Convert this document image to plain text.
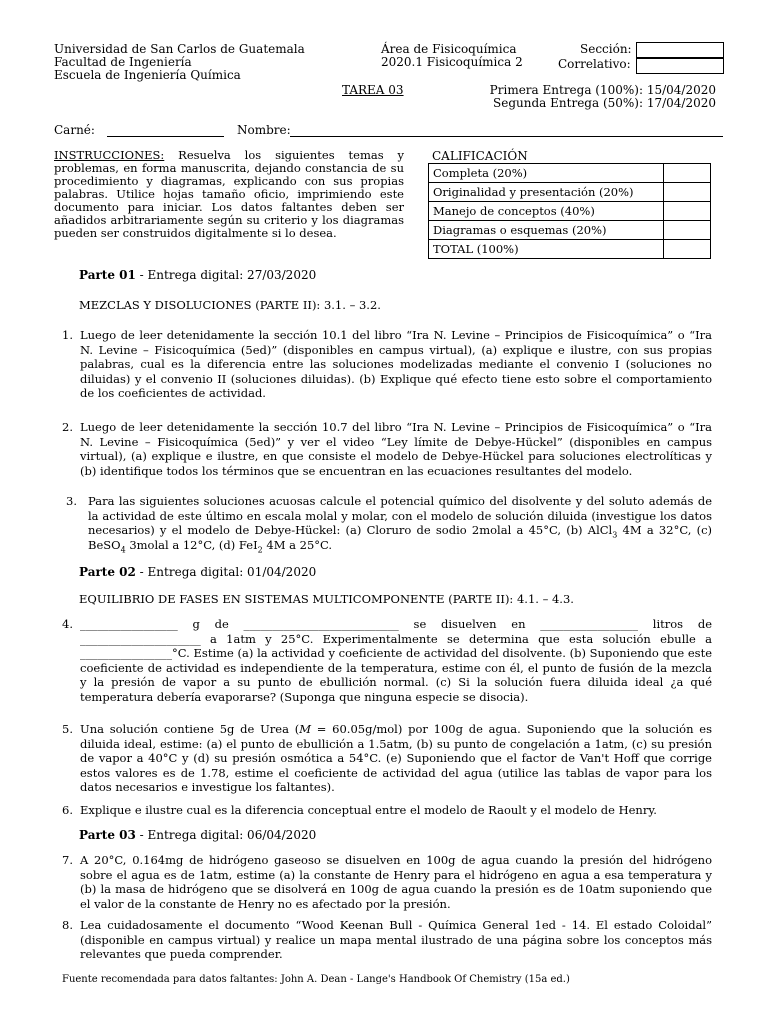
Universidad de San Carlos de Guatemala
Facultad de Ingeniería
Escuela de Ingeniería Química
Área de Fisicoquímica
2020.1 Fisicoquímica 2
Sección:
Correlativo:
TAREA 03	Primera Entrega (100%): 15/04/2020
Segunda Entrega (50%): 17/04/2020
Carné:	Nombre:
INSTRUCCIONES: Resuelva los siguientes temas y problemas, en forma manuscrita, dejando constancia de su procedimiento y diagramas, explicando con sus propias palabras. Utilice hojas tamaño oficio, imprimiendo este documento para iniciar. Los datos faltantes deben ser añadidos arbitrariamente según su criterio y los diagramas pueden ser construidos digitalmente si lo desea.
CALIFICACIÓN
Completa (20%)	
Originalidad y presentación (20%)	
Manejo de conceptos (40%)	
Diagramas o esquemas (20%)	
TOTAL (100%)	
Parte 01 - Entrega digital: 27/03/2020
MEZCLAS Y DISOLUCIONES (PARTE II): 3.1. – 3.2.
1. Luego de leer detenidamente la sección 10.1 del libro “Ira N. Levine – Principios de Fisicoquímica” o “Ira N. Levine – Fisicoquímica (5ed)” (disponibles en campus virtual), (a) explique e ilustre, con sus propias palabras, cual es la diferencia entre las soluciones modelizadas mediante el convenio I (soluciones no diluidas) y el convenio II (soluciones diluidas). (b) Explique qué efecto tiene esto sobre el comportamiento de los coeficientes de actividad.
2. Luego de leer detenidamente la sección 10.7 del libro “Ira N. Levine – Principios de Fisicoquímica” o “Ira N. Levine – Fisicoquímica (5ed)” y ver el video “Ley límite de Debye-Hückel” (disponibles en campus virtual), (a) explique e ilustre, en que consiste el modelo de Debye-Hückel para soluciones electrolíticas y (b) identifique todos los términos que se encuentran en las ecuaciones resultantes del modelo.
3. Para las siguientes soluciones acuosas calcule el potencial químico del disolvente y del soluto además de la actividad de este último en escala molal y molar, con el modelo de solución diluida (investigue los datos necesarios) y el modelo de Debye-Hückel: (a) Cloruro de sodio 2molal a 45°C, (b) AlCl$_3$ 4M a 32°C, (c) BeSO$_4$ 3molal a 12°C, (d) FeI$_2$ 4M a 25°C.
Parte 02 - Entrega digital: 01/04/2020
EQUILIBRIO DE FASES EN SISTEMAS MULTICOMPONENTE (PARTE II): 4.1. – 4.3.
4. _________________ g de ___________________________ se disuelven en _________________ litros de _____________________ a 1atm y 25°C. Experimentalmente se determina que esta solución ebulle a ________________°C. Estime (a) la actividad y coeficiente de actividad del disolvente. (b) Suponiendo que este coeficiente de actividad es independiente de la temperatura, estime con él, el punto de fusión de la mezcla y la presión de vapor a su punto de ebullición normal. (c) Si la solución fuera diluida ideal ¿a qué temperatura debería evaporarse? (Suponga que ninguna especie se disocia).
5. Una solución contiene 5g de Urea (M = 60.05g/mol) por 100g de agua. Suponiendo que la solución es diluida ideal, estime: (a) el punto de ebullición a 1.5atm, (b) su punto de congelación a 1atm, (c) su presión de vapor a 40°C y (d) su presión osmótica a 54°C. (e) Suponiendo que el factor de Van't Hoff que corrige estos valores es de 1.78, estime el coeficiente de actividad del agua (utilice las tablas de vapor para los datos necesarios e investigue los faltantes).
6. Explique e ilustre cual es la diferencia conceptual entre el modelo de Raoult y el modelo de Henry.
Parte 03 - Entrega digital: 06/04/2020
7. A 20°C, 0.164mg de hidrógeno gaseoso se disuelven en 100g de agua cuando la presión del hidrógeno sobre el agua es de 1atm, estime (a) la constante de Henry para el hidrógeno en agua a esa temperatura y (b) la masa de hidrógeno que se disolverá en 100g de agua cuando la presión es de 10atm suponiendo que el valor de la constante de Henry no es afectado por la presión.
8. Lea cuidadosamente el documento “Wood Keenan Bull - Química General 1ed - 14. El estado Coloidal” (disponible en campus virtual) y realice un mapa mental ilustrado de una página sobre los conceptos más relevantes que pueda comprender.
Fuente recomendada para datos faltantes: John A. Dean - Lange's Handbook Of Chemistry (15a ed.)
